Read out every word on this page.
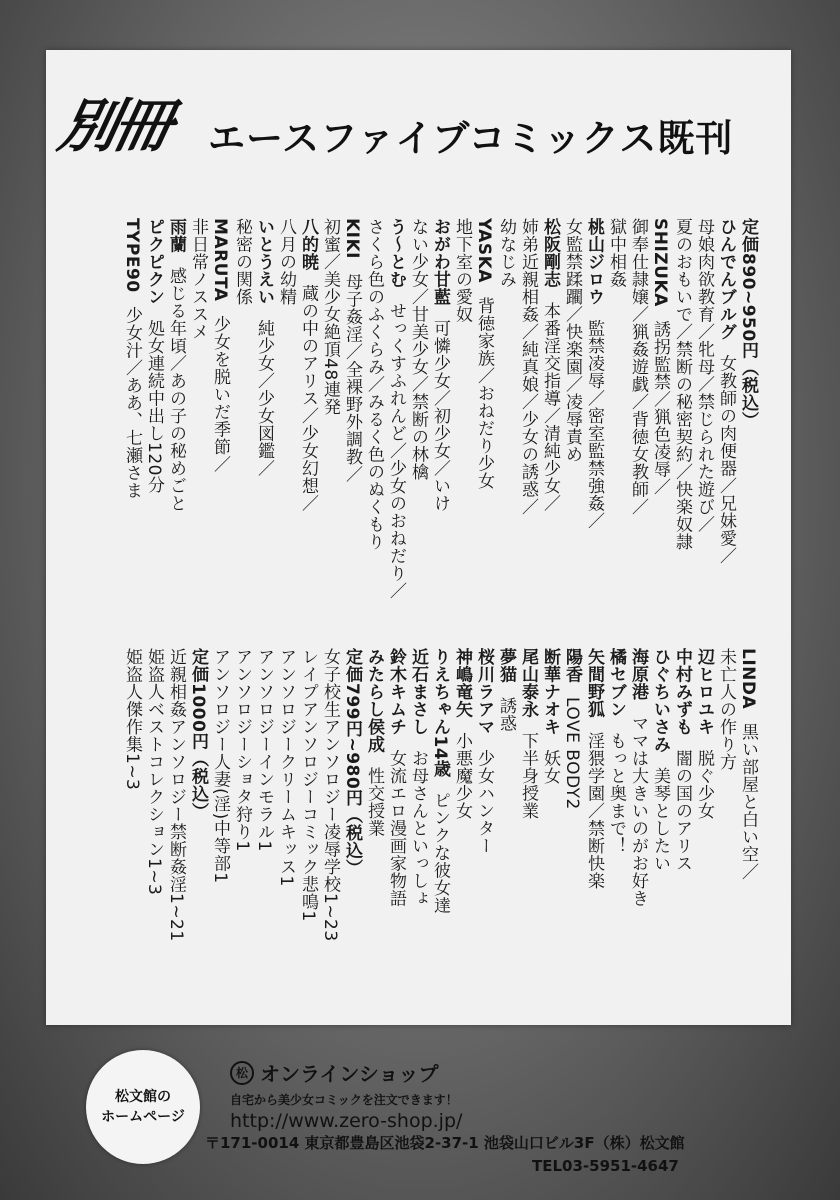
別冊 エースファイブコミックス既刊
定価890~950円（税込）
ひんでんブルグ女教師の肉便器／兄妹愛／
母娘肉欲教育／牝母／禁じられた遊び／
夏のおもいで／禁断の秘密契約／快楽奴隷
SHIZUKA誘拐監禁／猟色凌辱／
御奉仕隷嬢／猟姦遊戯／背徳女教師／
獄中相姦
桃山ジロウ監禁凌辱／密室監禁強姦／
女監禁蹂躙／快楽園／凌辱責め
松阪剛志本番淫交指導／清純少女／
姉弟近親相姦／純真娘／少女の誘惑／
幼なじみ
YASKA背徳家族／おねだり少女
地下室の愛奴
おがわ甘藍可憐少女／初少女／いけ
ない少女／甘美少女／禁断の林檎
う～とむせっくすふれんど／少女のおねだり／
さくら色のふくらみ／みるく色のぬくもり
KIKI母子姦淫／全裸野外調教／
初蜜／美少女絶頂48連発
八的暁蔵の中のアリス／少女幻想／
八月の幼精
いとうえい純少女／少女図鑑／
秘密の関係
MARUTA少女を脱いだ季節／
非日常ノススメ
雨蘭感じる年頃／あの子の秘めごと
ピクピクン処女連続中出し120分
TYPE90少女汁／ああ、七瀬さま
LINDA黒い部屋と白い空／
未亡人の作り方
辺ヒロユキ脱ぐ少女
中村みずも闇の国のアリス
ひぐちいさみ美琴としたい
海原港ママは大きいのがお好き
橘セブンもっと奥まで！
矢間野狐淫猥学園／禁断快楽
陽香LOVE BODY2
断華ナオキ妖女
尾山泰永下半身授業
夢猫誘惑
桜川ラアマ少女ハンター
神嶋竜矢小悪魔少女
りえちゃん14歳ピンクな彼女達
近石まさしお母さんといっしょ
鈴木キムチ女流エロ漫画家物語
みたらし侯成性交授業
定価799円~980円（税込）
女子校生アンソロジー凌辱学校1~23
レイプアンソロジーコミック悲鳴1
アンソロジークリームキッス1
アンソロジーインモラル1
アンソロジーショタ狩り1
アンソロジー人妻(淫)中等部1
定価1000円（税込）
近親相姦アンソロジー禁断姦淫1~21
姫盗人ベストコレクション1~3
姫盗人傑作集1~3
松文館の
ホームページ
松 オンラインショップ
自宅から美少女コミックを注文できます！
http://www.zero-shop.jp/
〒171-0014 東京都豊島区池袋2-37-1 池袋山口ビル3F（株）松文館
TEL03-5951-4647
